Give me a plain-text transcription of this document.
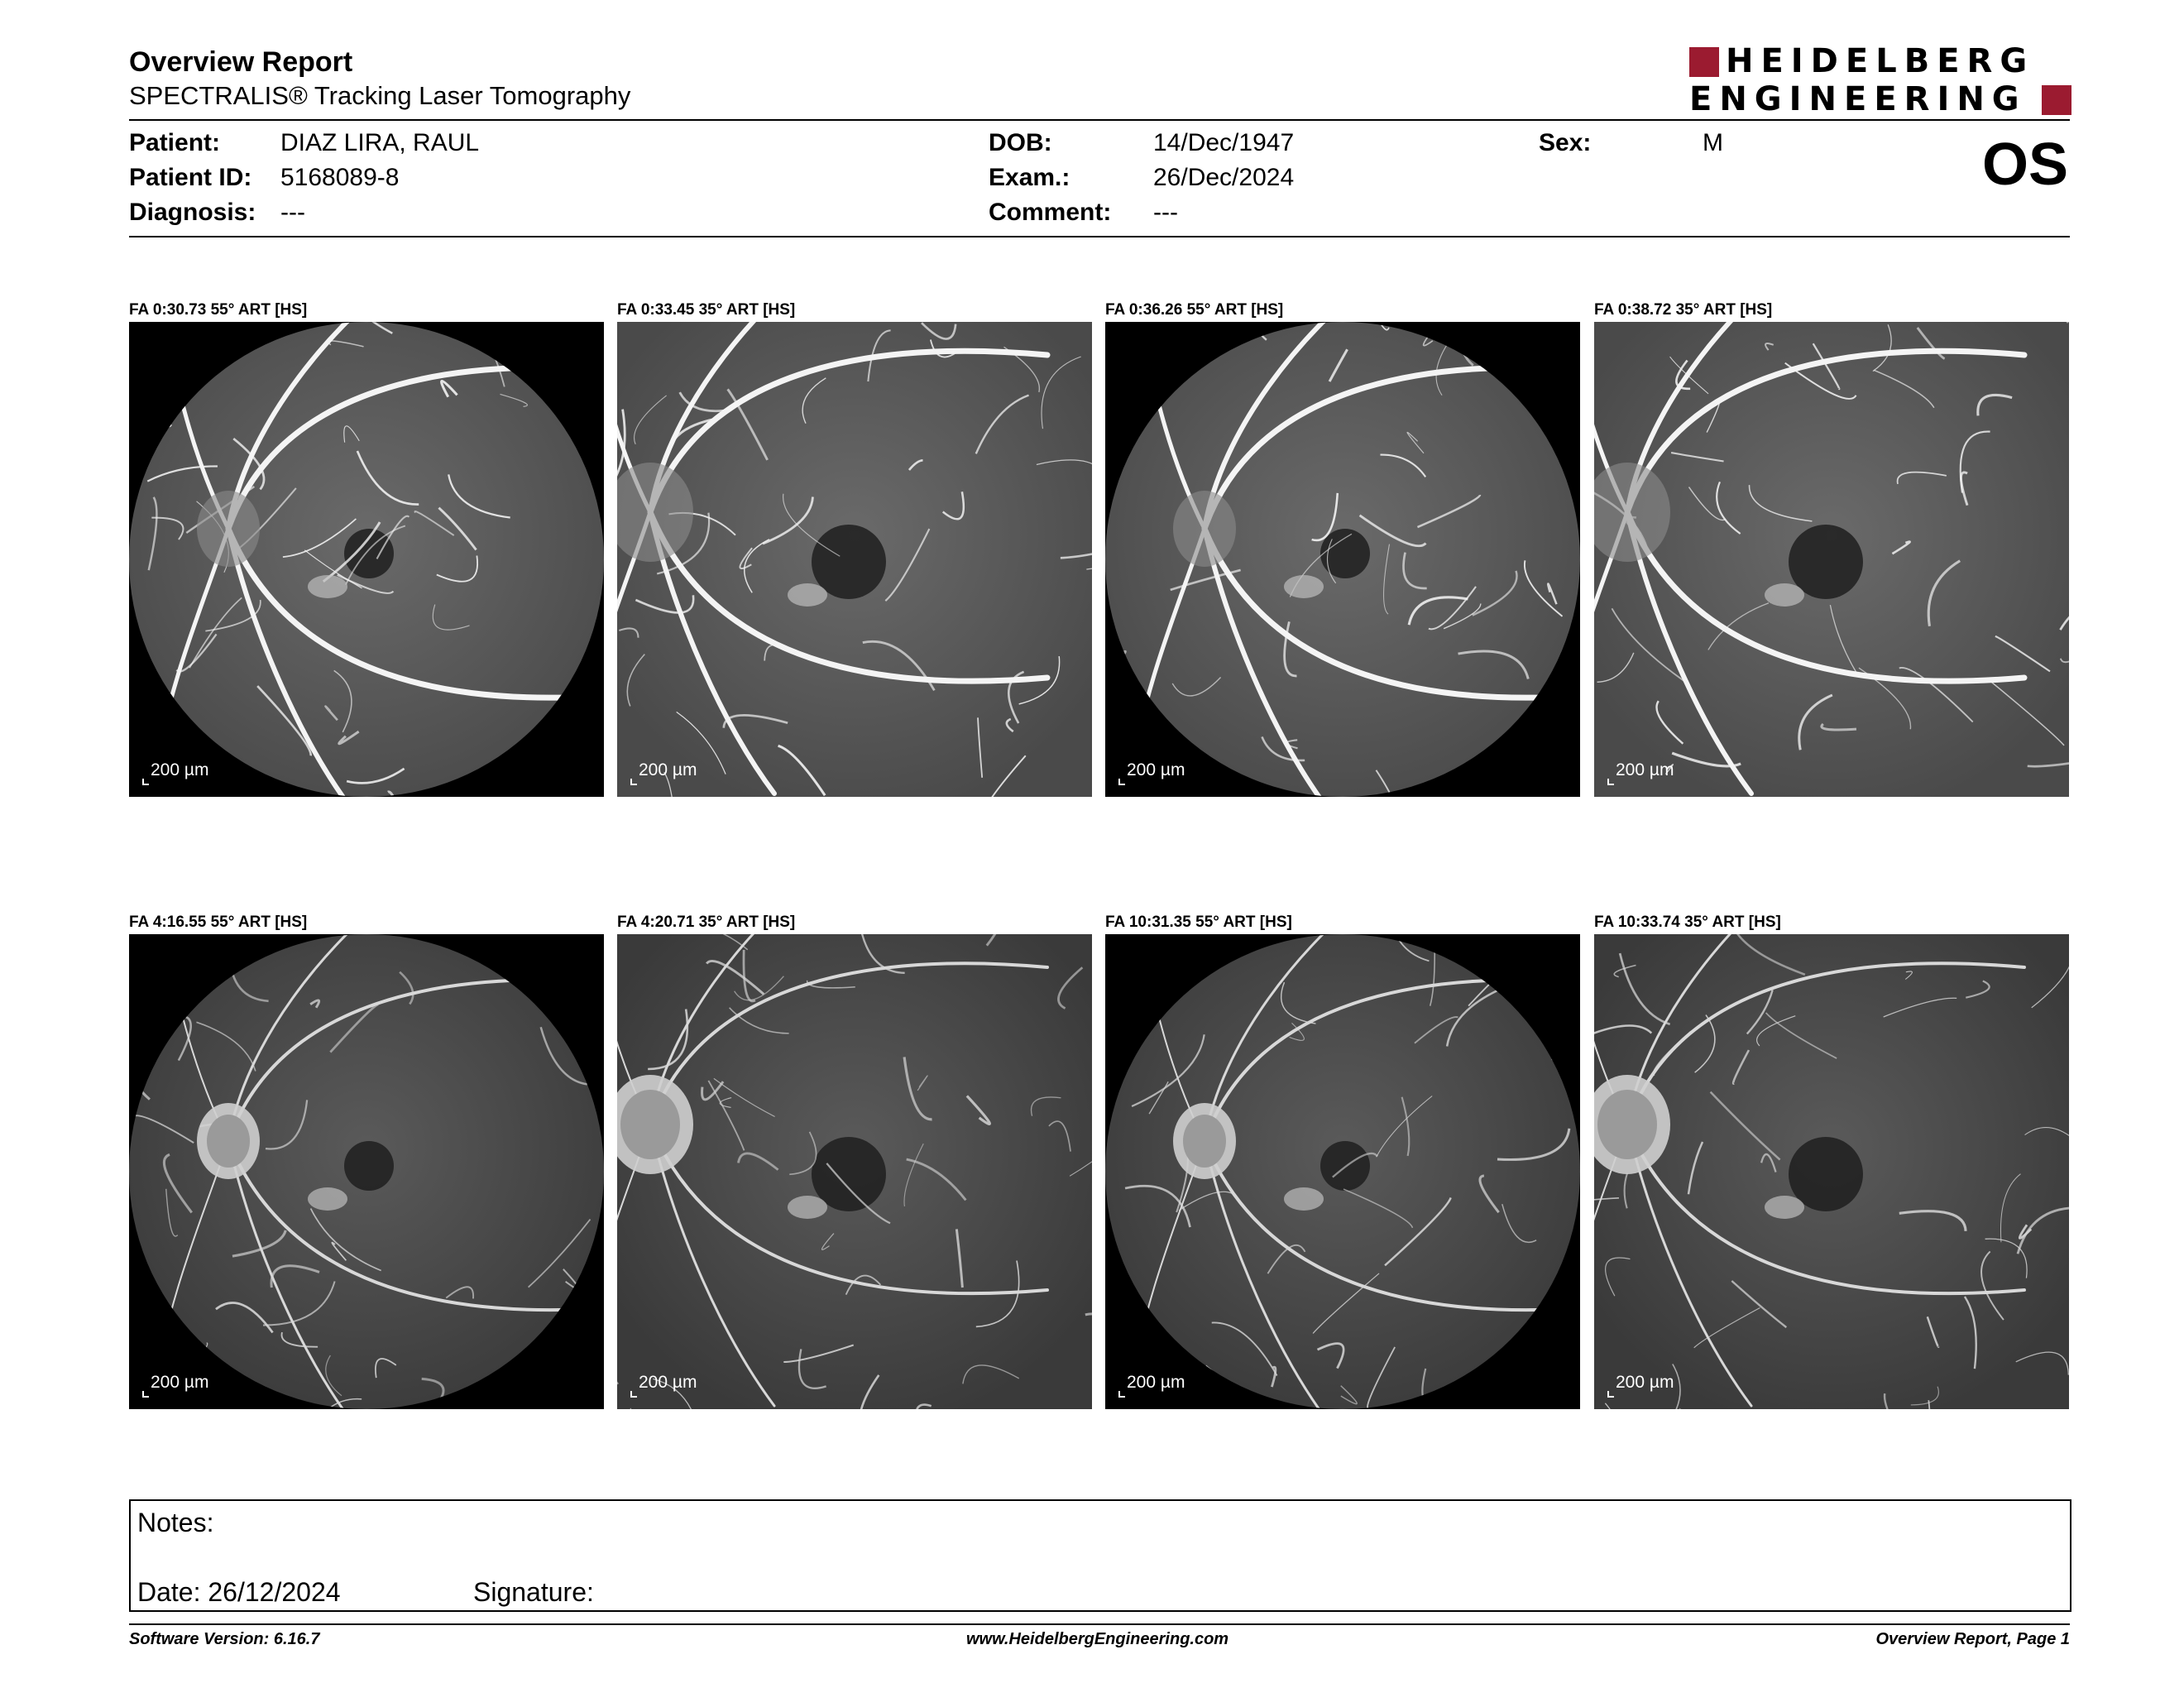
Overview Report
SPECTRALIS® Tracking Laser Tomography
HEIDELBERG
ENGINEERING
Patient: DIAZ LIRA, RAUL
Patient ID: 5168089-8
Diagnosis: ---
DOB:	14/Dec/1947
Exam.:	26/Dec/2024
Comment: ---
Sex:	M	OS
FA 0:30.73 55° ART [HS]
200 µm
FA 0:33.45 35° ART [HS]
200 µm
FA 0:36.26 55° ART [HS]
200 µm
FA 0:38.72 35° ART [HS]
200 µm
FA 4:16.55 55° ART [HS]
200 µm
FA 4:20.71 35° ART [HS]
200 µm
FA 10:31.35 55° ART [HS]
200 µm
FA 10:33.74 35° ART [HS]
200 µm
Notes:
Date: 26/12/2024	Signature:
Software Version: 6.16.7	www.HeidelbergEngineering.com	Overview Report, Page 1
